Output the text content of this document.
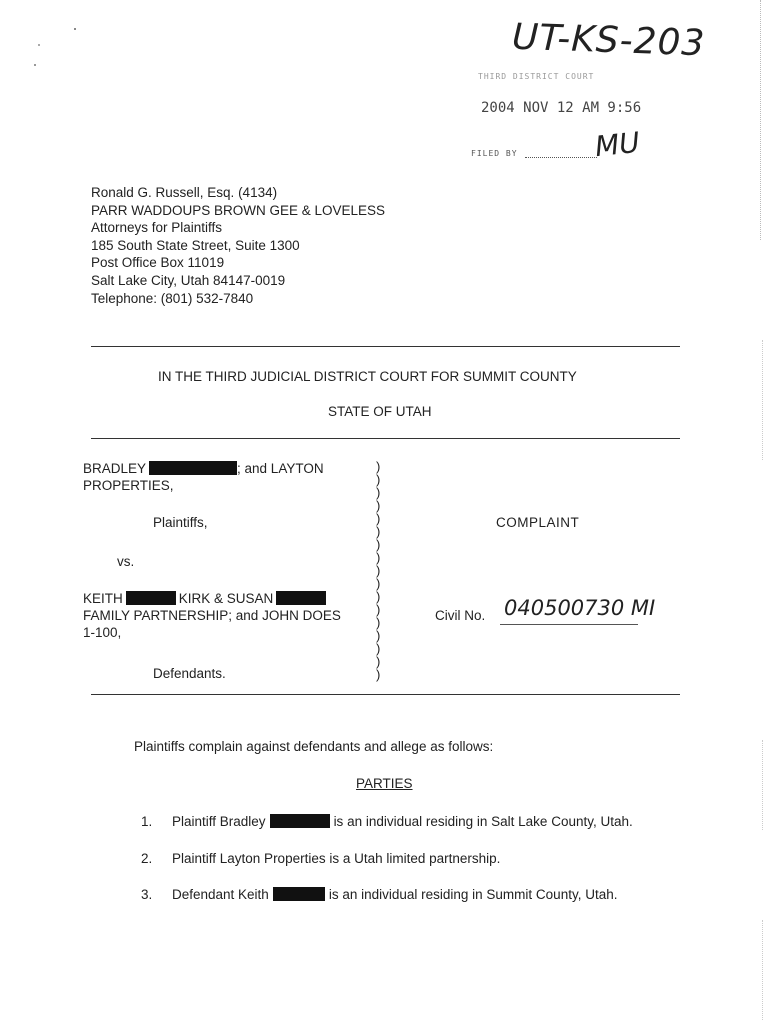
UT-KS-203
THIRD DISTRICT COURT
2004 NOV 12 AM 9:56
FILED BY	MU
Ronald G. Russell, Esq. (4134)
PARR WADDOUPS BROWN GEE & LOVELESS
Attorneys for Plaintiffs
185 South State Street, Suite 1300
Post Office Box 11019
Salt Lake City, Utah 84147-0019
Telephone: (801) 532-7840
IN THE THIRD JUDICIAL DISTRICT COURT FOR SUMMIT COUNTY
STATE OF UTAH
BRADLEY	; and LAYTON
PROPERTIES,
Plaintiffs,
vs.
KEITH	KIRK & SUSAN
FAMILY PARTNERSHIP; and JOHN DOES
1-100,
Defendants.
)
)
)
)
)
)
)
)
)
)
)
)
)
)
)
)
)
COMPLAINT
Civil No. 040500730 MI
Plaintiffs complain against defendants and allege as follows:
PARTIES
1. Plaintiff Bradley	is an individual residing in Salt Lake County, Utah.
2. Plaintiff Layton Properties is a Utah limited partnership.
3. Defendant Keith	is an individual residing in Summit County, Utah.
